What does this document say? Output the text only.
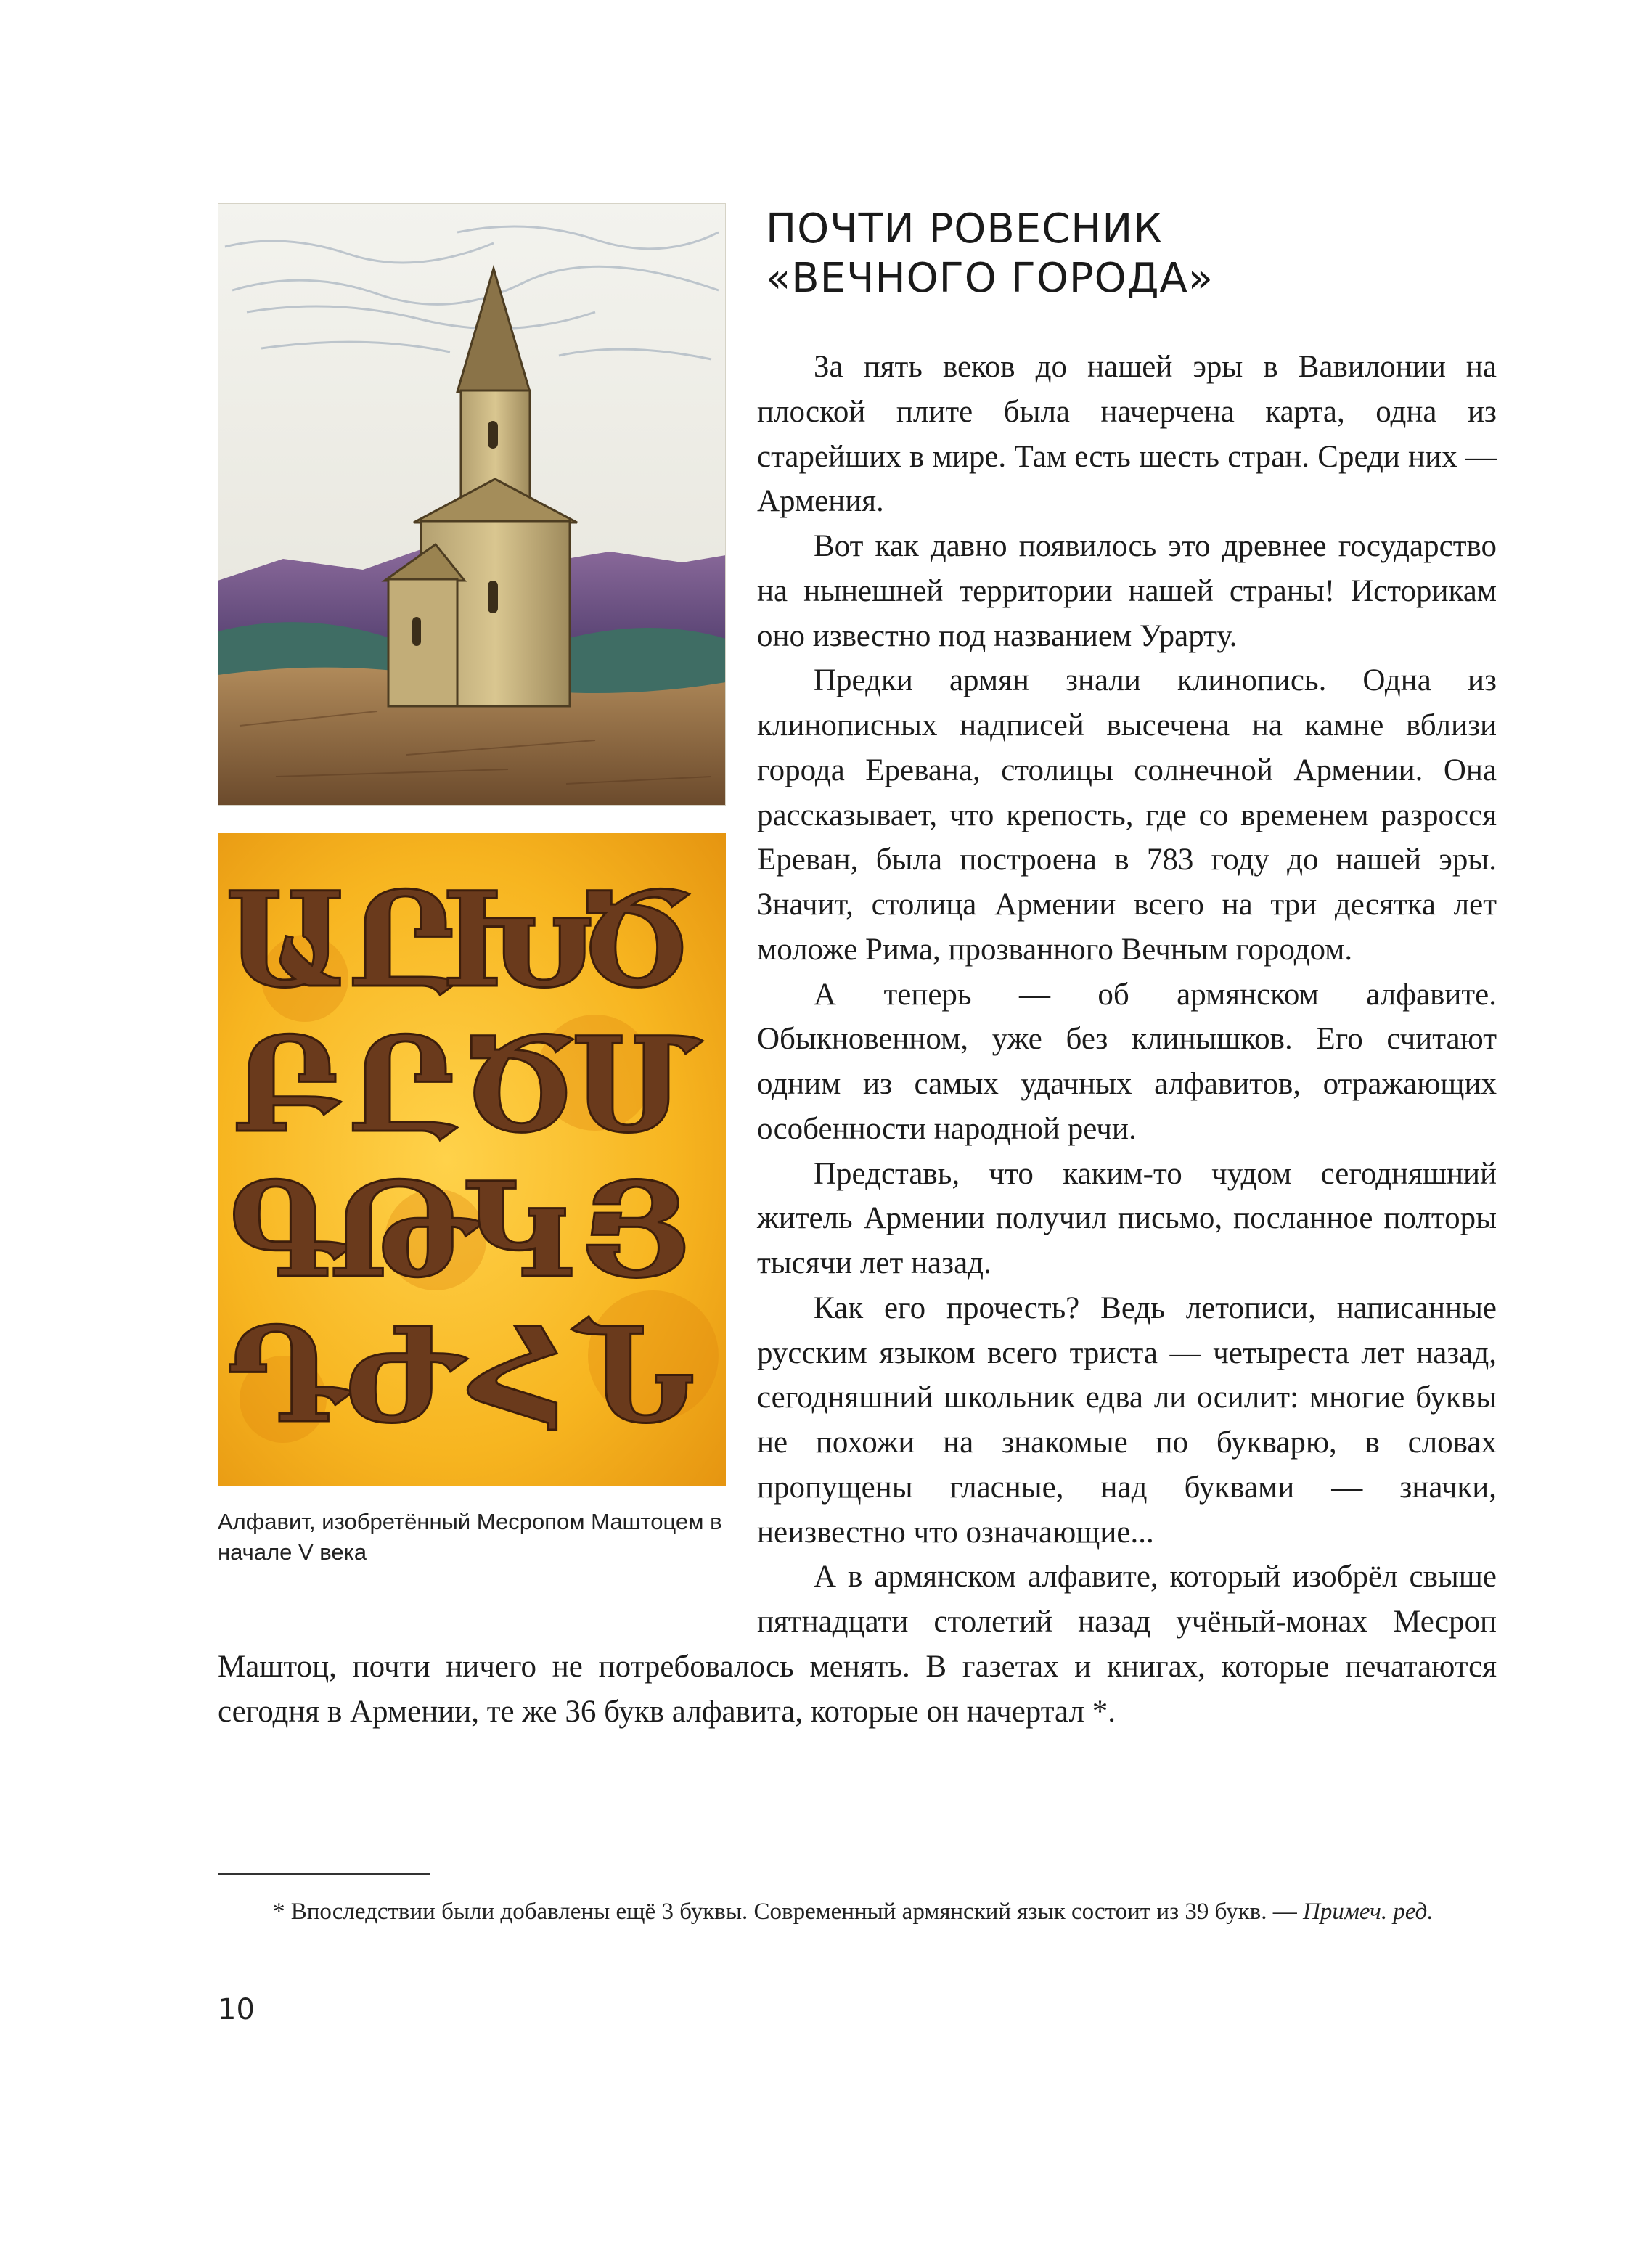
Ա Ը
Խ
Ծ
Բ Ը Ծ
Մ
Գ
Թ
Կ Յ
Դ
Ժ Հ Ն

Алфавит, изобретённый Месропом Маштоцем в начале V века

ПОЧТИ РОВЕСНИК
«ВЕЧНОГО ГОРОДА»

За пять веков до нашей эры в Вавилонии на плоской плите была начерчена карта, одна из старейших в мире. Там есть шесть стран. Среди них — Армения.

Вот как давно появилось это древнее государство на нынешней территории нашей страны! Историкам оно известно под названием Урарту.

Предки армян знали клинопись. Одна из клинописных надписей высечена на камне вблизи города Еревана, столицы солнечной Армении. Она рассказывает, что крепость, где со временем разросся Ереван, была построена в 783 году до нашей эры. Значит, столица Армении всего на три десятка лет моложе Рима, прозванного Вечным городом.

А теперь — об армянском алфавите. Обыкновенном, уже без клинышков. Его считают одним из самых удачных алфавитов, отражающих особенности народной речи.

Представь, что каким-то чудом сегодняшний житель Армении получил письмо, посланное полторы тысячи лет назад.

Как его прочесть? Ведь летописи, написанные русским языком всего триста — четыреста лет назад, сегодняшний школьник едва ли осилит: многие буквы не похожи на знакомые по букварю, в словах пропущены гласные, над буквами — значки, неизвестно что означающие...

А в армянском алфавите, который изобрёл свыше пятнадцати столетий назад учёный-монах Месроп Маштоц, почти ничего не потребовалось менять. В газетах и книгах, которые печатаются сегодня в Армении, те же 36 букв алфавита, которые он начертал *.

* Впоследствии были добавлены ещё 3 буквы. Современный армянский язык состоит из 39 букв. — Примеч. ред.

10
